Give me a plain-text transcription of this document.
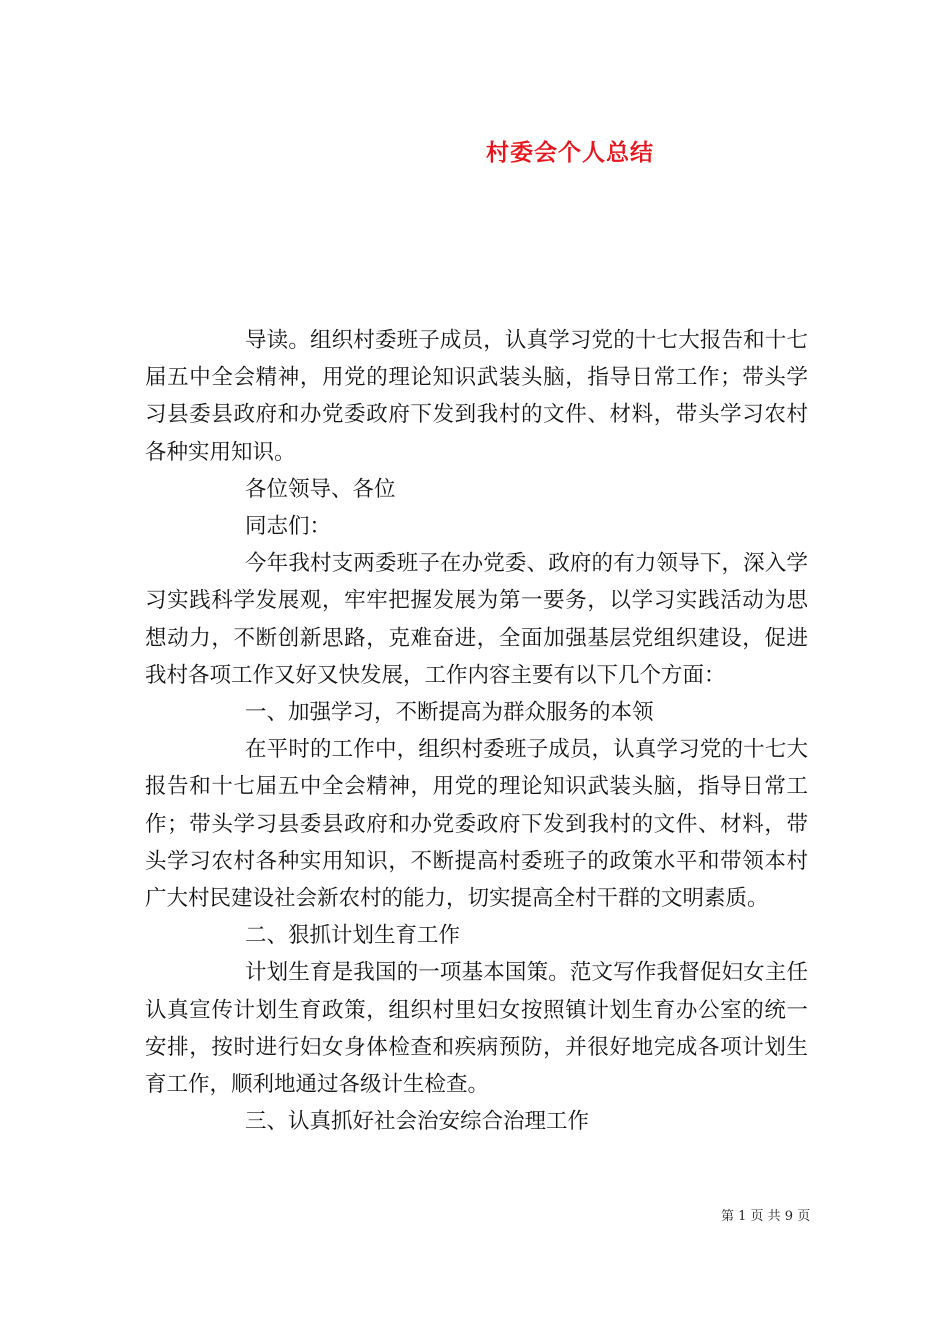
村委会个人总结

导读。组织村委班子成员，认真学习党的十七大报告和十七届五中全会精神，用党的理论知识武装头脑，指导日常工作；带头学习县委县政府和办党委政府下发到我村的文件、材料，带头学习农村各种实用知识。

各位领导、各位

同志们：

今年我村支两委班子在办党委、政府的有力领导下，深入学习实践科学发展观，牢牢把握发展为第一要务，以学习实践活动为思想动力，不断创新思路，克难奋进，全面加强基层党组织建设，促进我村各项工作又好又快发展，工作内容主要有以下几个方面：

一、加强学习，不断提高为群众服务的本领

在平时的工作中，组织村委班子成员，认真学习党的十七大报告和十七届五中全会精神，用党的理论知识武装头脑，指导日常工作；带头学习县委县政府和办党委政府下发到我村的文件、材料，带头学习农村各种实用知识，不断提高村委班子的政策水平和带领本村广大村民建设社会新农村的能力，切实提高全村干群的文明素质。

二、狠抓计划生育工作

计划生育是我国的一项基本国策。范文写作我督促妇女主任认真宣传计划生育政策，组织村里妇女按照镇计划生育办公室的统一安排，按时进行妇女身体检查和疾病预防，并很好地完成各项计划生育工作，顺利地通过各级计生检查。

三、认真抓好社会治安综合治理工作

第 1 页 共 9 页
